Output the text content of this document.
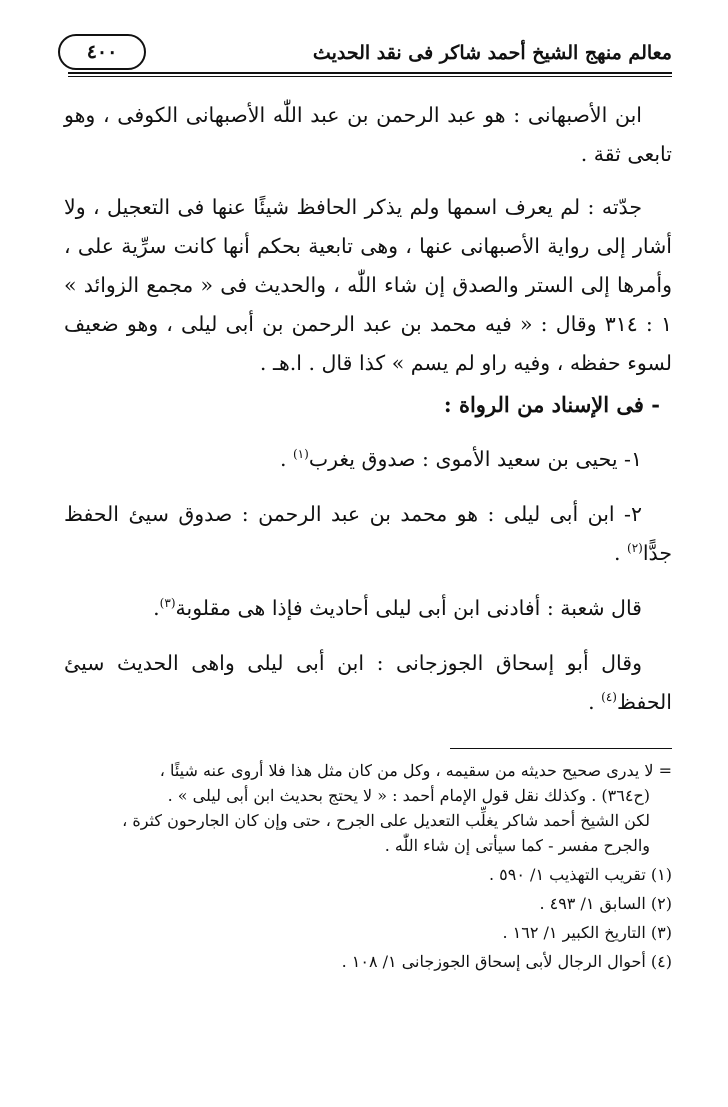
معالم منهج الشيخ أحمد شاكر فى نقد الحديث
٤٠٠

ابن الأصبهانى : هو عبد الرحمن بن عبد اللّٰه الأصبهانى الكوفى ، وهو تابعى ثقة .

جدّته : لم يعرف اسمها ولم يذكر الحافظ شيئًا عنها فى التعجيل ، ولا أشار إلى رواية الأصبهانى عنها ، وهى تابعية بحكم أنها كانت سرِّية على ، وأمرها إلى الستر والصدق إن شاء اللّٰه ، والحديث فى « مجمع الزوائد » ١ : ٣١٤ وقال : « فيه محمد بن عبد الرحمن بن أبى ليلى ، وهو ضعيف لسوء حفظه ، وفيه راو لم يسم » كذا قال . ا.هـ .

- فى الإسناد من الرواة :

١- يحيى بن سعيد الأموى : صدوق يغرب$^{(١)}$ .

٢- ابن أبى ليلى : هو محمد بن عبد الرحمن : صدوق سيئ الحفظ جدًّا$^{(٢)}$ .

قال شعبة : أفادنى ابن أبى ليلى أحاديث فإذا هى مقلوبة$^{(٣)}$.

وقال أبو إسحاق الجوزجانى : ابن أبى ليلى واهى الحديث سيئ الحفظ$^{(٤)}$ .

= لا يدرى صحيح حديثه من سقيمه ، وكل من كان مثل هذا فلا أروى عنه شيئًا ،

(ح٣٦٤) . وكذلك نقل قول الإمام أحمد : « لا يحتج بحديث ابن أبى ليلى » .

لكن الشيخ أحمد شاكر يغلِّب التعديل على الجرح ، حتى وإن كان الجارحون كثرة ،

والجرح مفسر - كما سيأتى إن شاء اللّٰه .

(١) تقريب التهذيب ١/ ٥٩٠ .

(٢) السابق ١/ ٤٩٣ .

(٣) التاريخ الكبير ١/ ١٦٢ .

(٤) أحوال الرجال لأبى إسحاق الجوزجانى ١/ ١٠٨ .
